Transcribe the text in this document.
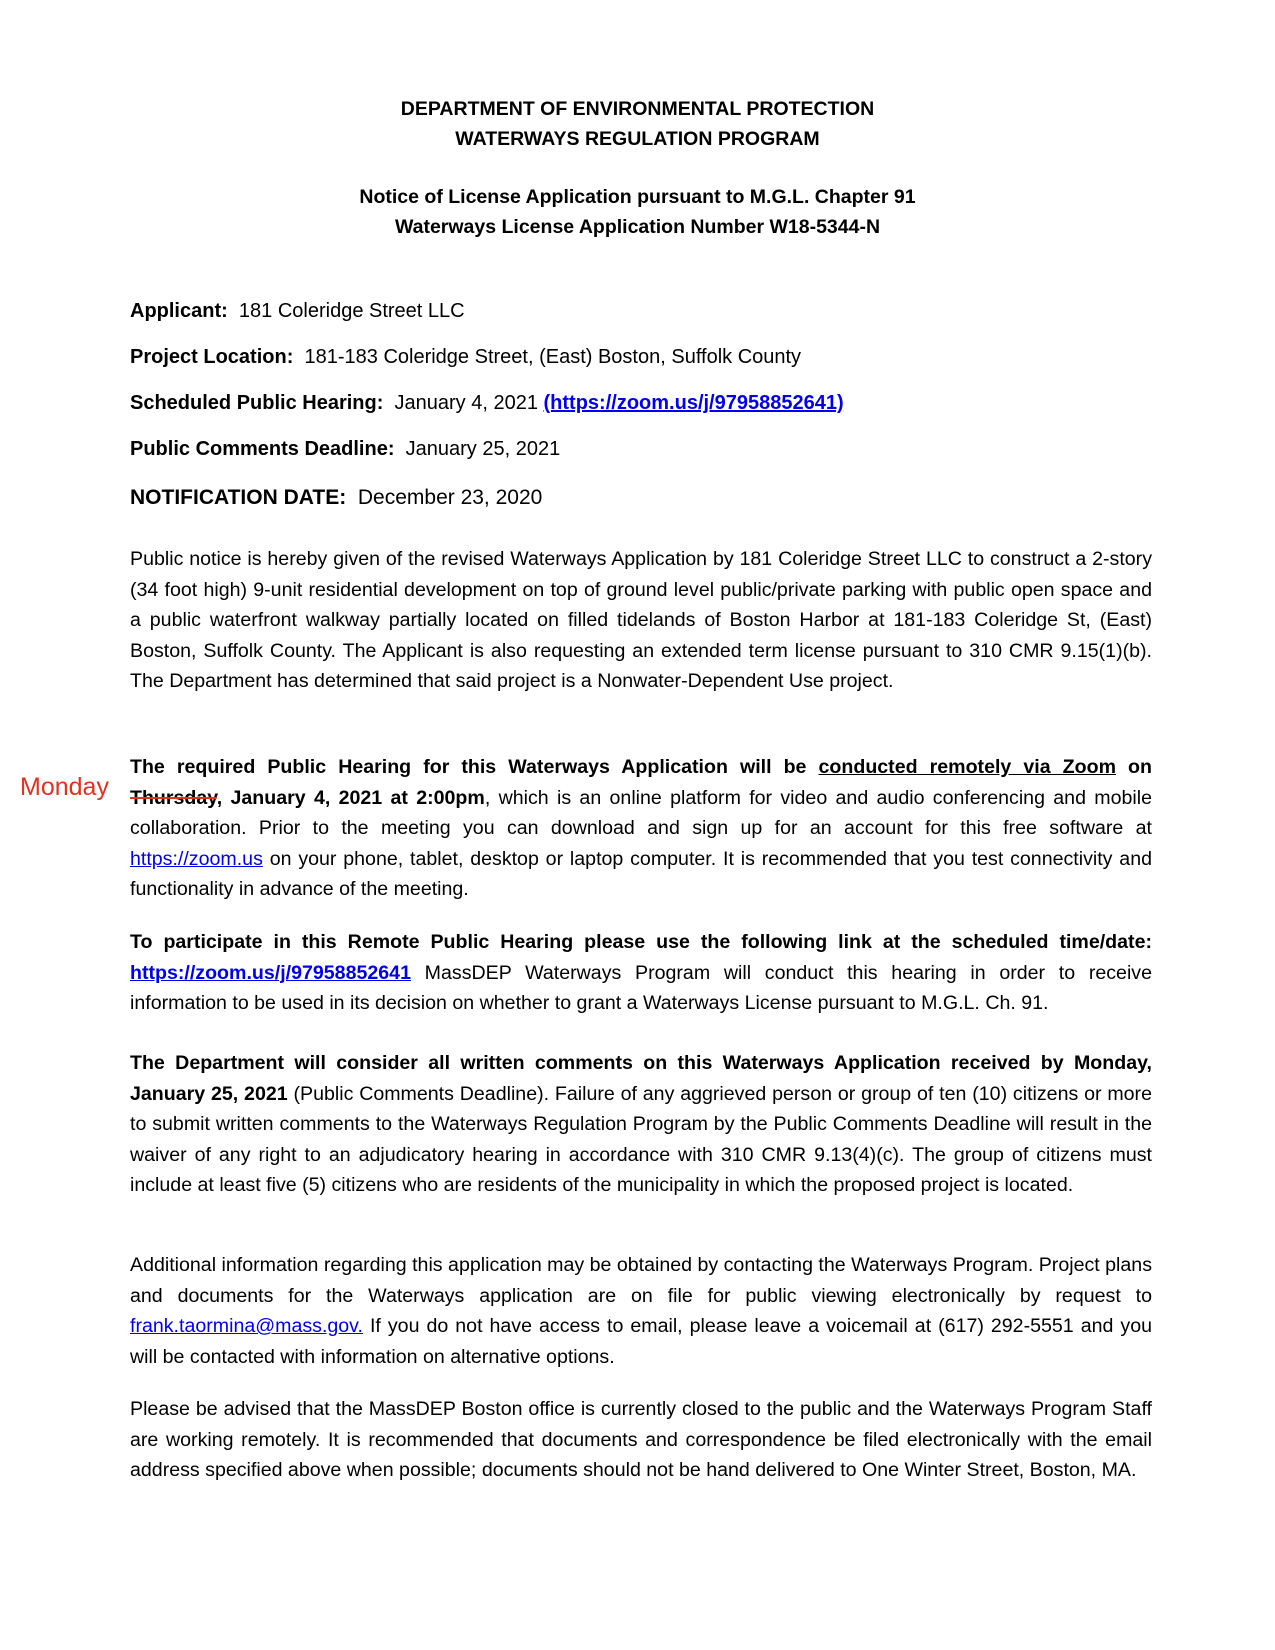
DEPARTMENT OF ENVIRONMENTAL PROTECTION
WATERWAYS REGULATION PROGRAM
Notice of License Application pursuant to M.G.L. Chapter 91
Waterways License Application Number W18-5344-N
Applicant: 181 Coleridge Street LLC
Project Location: 181-183 Coleridge Street, (East) Boston, Suffolk County
Scheduled Public Hearing: January 4, 2021 (https://zoom.us/j/97958852641)
Public Comments Deadline: January 25, 2021
NOTIFICATION DATE: December 23, 2020
Public notice is hereby given of the revised Waterways Application by 181 Coleridge Street LLC to construct a 2-story (34 foot high) 9-unit residential development on top of ground level public/private parking with public open space and a public waterfront walkway partially located on filled tidelands of Boston Harbor at 181-183 Coleridge St, (East) Boston, Suffolk County. The Applicant is also requesting an extended term license pursuant to 310 CMR 9.15(1)(b). The Department has determined that said project is a Nonwater-Dependent Use project.
Monday
The required Public Hearing for this Waterways Application will be conducted remotely via Zoom on Thursday, January 4, 2021 at 2:00pm, which is an online platform for video and audio conferencing and mobile collaboration. Prior to the meeting you can download and sign up for an account for this free software at https://zoom.us on your phone, tablet, desktop or laptop computer. It is recommended that you test connectivity and functionality in advance of the meeting.
To participate in this Remote Public Hearing please use the following link at the scheduled time/date: https://zoom.us/j/97958852641 MassDEP Waterways Program will conduct this hearing in order to receive information to be used in its decision on whether to grant a Waterways License pursuant to M.G.L. Ch. 91.
The Department will consider all written comments on this Waterways Application received by Monday, January 25, 2021 (Public Comments Deadline). Failure of any aggrieved person or group of ten (10) citizens or more to submit written comments to the Waterways Regulation Program by the Public Comments Deadline will result in the waiver of any right to an adjudicatory hearing in accordance with 310 CMR 9.13(4)(c). The group of citizens must include at least five (5) citizens who are residents of the municipality in which the proposed project is located.
Additional information regarding this application may be obtained by contacting the Waterways Program. Project plans and documents for the Waterways application are on file for public viewing electronically by request to frank.taormina@mass.gov. If you do not have access to email, please leave a voicemail at (617) 292-5551 and you will be contacted with information on alternative options.
Please be advised that the MassDEP Boston office is currently closed to the public and the Waterways Program Staff are working remotely. It is recommended that documents and correspondence be filed electronically with the email address specified above when possible; documents should not be hand delivered to One Winter Street, Boston, MA.
